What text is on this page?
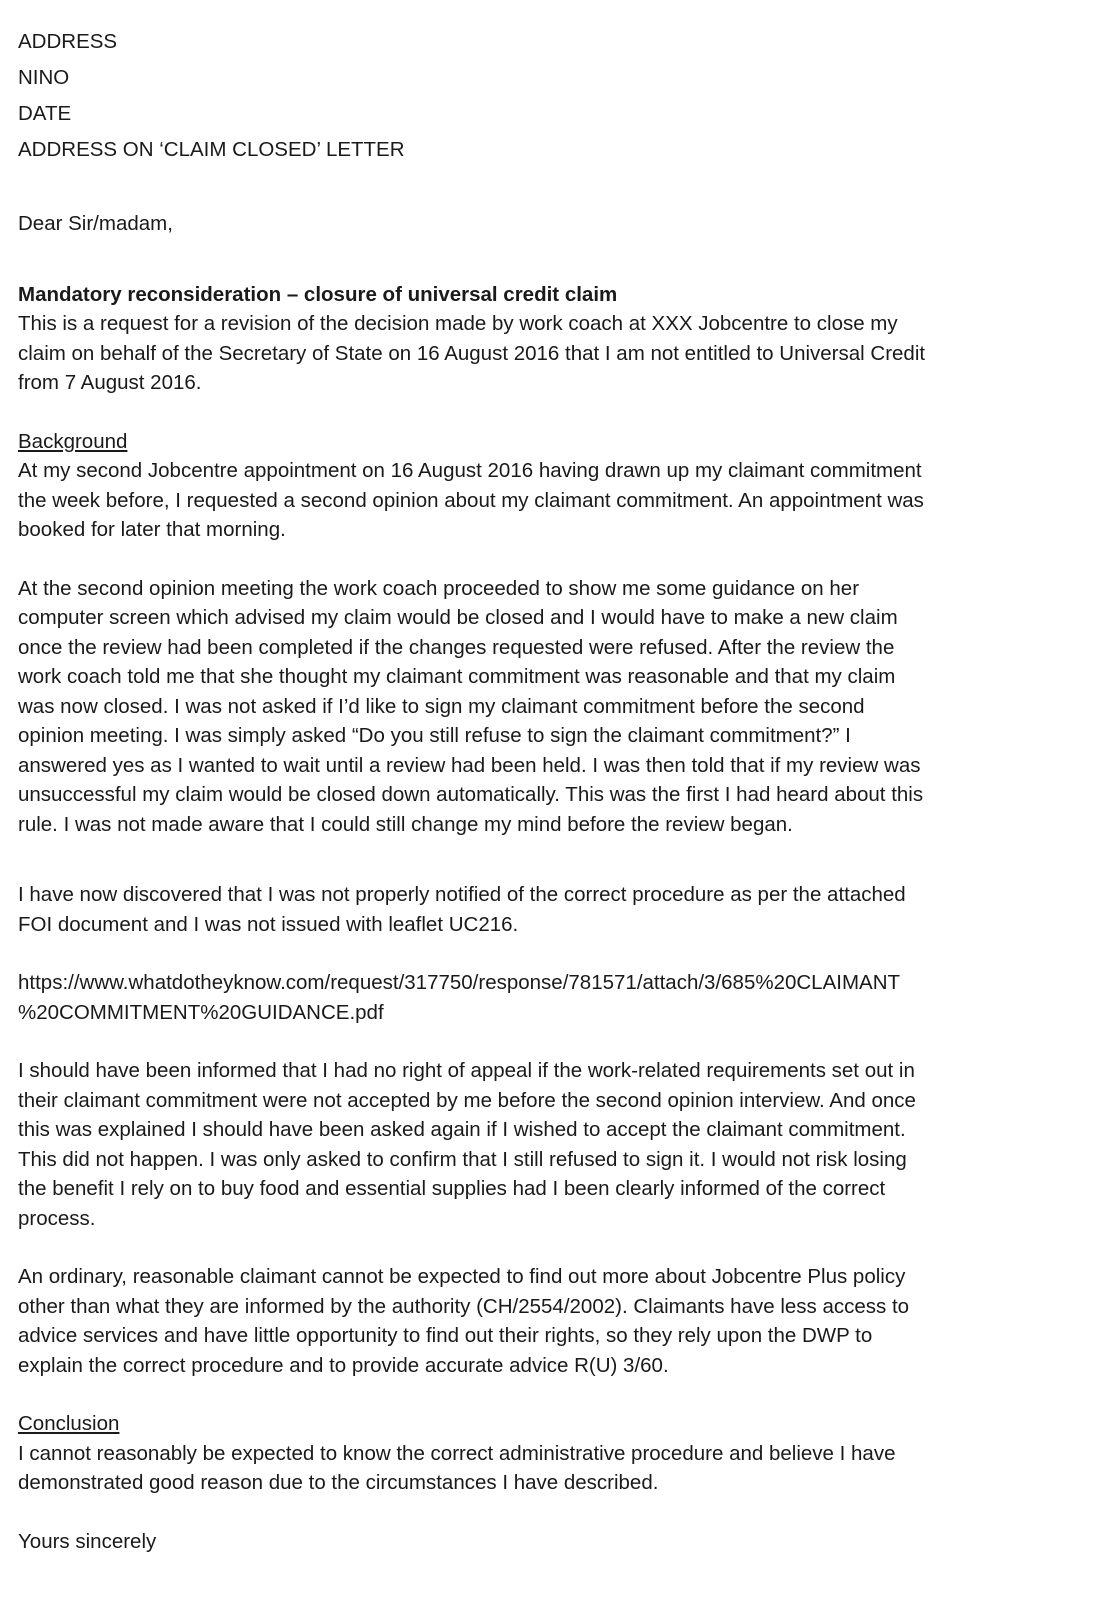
ADDRESS
NINO
DATE
ADDRESS ON ‘CLAIM CLOSED’ LETTER
Dear Sir/madam,
Mandatory reconsideration – closure of universal credit claim
This is a request for a revision of the decision made by work coach at XXX Jobcentre to close my
claim on behalf of the Secretary of State on 16 August 2016 that I am not entitled to Universal Credit
from 7 August 2016.
Background
At my second Jobcentre appointment on 16 August 2016 having drawn up my claimant commitment
the week before, I requested a second opinion about my claimant commitment. An appointment was
booked for later that morning.
At the second opinion meeting the work coach proceeded to show me some guidance on her
computer screen which advised my claim would be closed and I would have to make a new claim
once the review had been completed if the changes requested were refused. After the review the
work coach told me that she thought my claimant commitment was reasonable and that my claim
was now closed. I was not asked if I’d like to sign my claimant commitment before the second
opinion meeting. I was simply asked “Do you still refuse to sign the claimant commitment?” I
answered yes as I wanted to wait until a review had been held. I was then told that if my review was
unsuccessful my claim would be closed down automatically. This was the first I had heard about this
rule. I was not made aware that I could still change my mind before the review began.
I have now discovered that I was not properly notified of the correct procedure as per the attached
FOI document and I was not issued with leaflet UC216.
https://www.whatdotheyknow.com/request/317750/response/781571/attach/3/685%20CLAIMANT
%20COMMITMENT%20GUIDANCE.pdf
I should have been informed that I had no right of appeal if the work-related requirements set out in
their claimant commitment were not accepted by me before the second opinion interview. And once
this was explained I should have been asked again if I wished to accept the claimant commitment.
This did not happen. I was only asked to confirm that I still refused to sign it. I would not risk losing
the benefit I rely on to buy food and essential supplies had I been clearly informed of the correct
process.
An ordinary, reasonable claimant cannot be expected to find out more about Jobcentre Plus policy
other than what they are informed by the authority (CH/2554/2002). Claimants have less access to
advice services and have little opportunity to find out their rights, so they rely upon the DWP to
explain the correct procedure and to provide accurate advice R(U) 3/60.
Conclusion
I cannot reasonably be expected to know the correct administrative procedure and believe I have
demonstrated good reason due to the circumstances I have described.
Yours sincerely
